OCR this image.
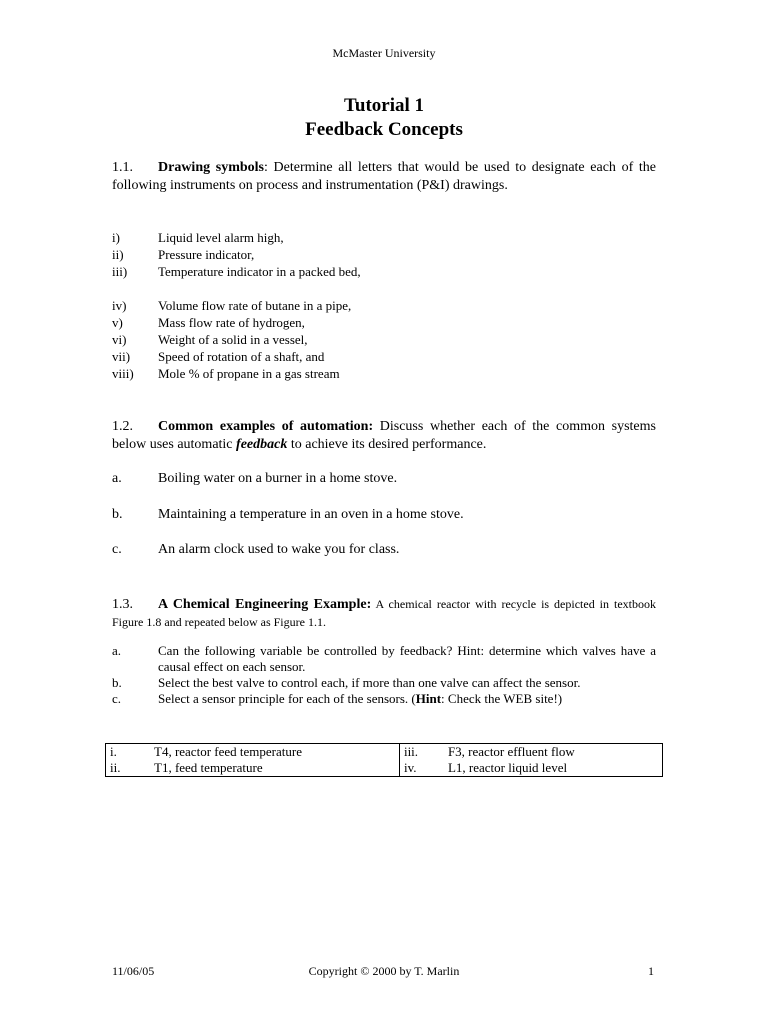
McMaster University
Tutorial 1
Feedback Concepts
1.1. Drawing symbols: Determine all letters that would be used to designate each of the following instruments on process and instrumentation (P&I) drawings.
i)	Liquid level alarm high,
ii)	Pressure indicator,
iii) Temperature indicator in a packed bed,
iv) Volume flow rate of butane in a pipe,
v)	Mass flow rate of hydrogen,
vi) Weight of a solid in a vessel,
vii) Speed of rotation of a shaft, and
viii) Mole % of propane in a gas stream
1.2. Common examples of automation: Discuss whether each of the common systems below uses automatic feedback to achieve its desired performance.
a.	Boiling water on a burner in a home stove.
b.	Maintaining a temperature in an oven in a home stove.
c.	An alarm clock used to wake you for class.
1.3. A Chemical Engineering Example: A chemical reactor with recycle is depicted in textbook Figure 1.8 and repeated below as Figure 1.1.
a.	Can the following variable be controlled by feedback? Hint: determine which valves have a causal effect on each sensor.
b.	Select the best valve to control each, if more than one valve can affect the sensor.
c.	Select a sensor principle for each of the sensors. (Hint: Check the WEB site!)
i. T4, reactor feed temperature	iii. F3, reactor effluent flow
ii. T1, feed temperature	iv. L1, reactor liquid level
11/06/05	Copyright © 2000 by T. Marlin	1
